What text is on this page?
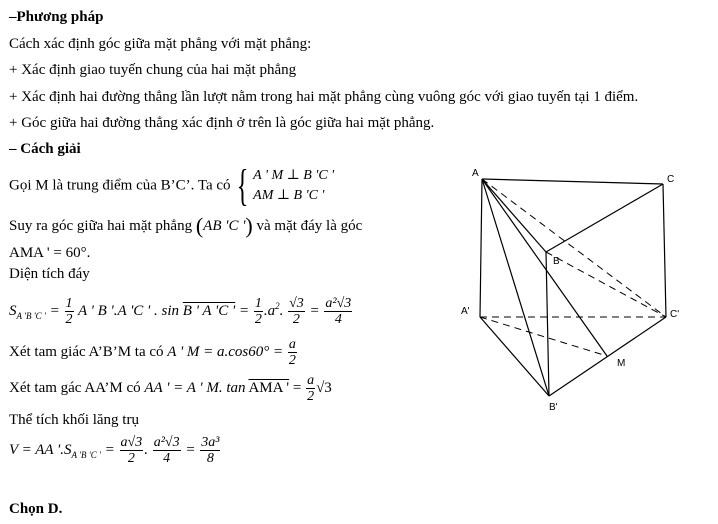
–Phương pháp
Cách xác định góc giữa mặt phẳng với mặt phẳng:
+ Xác định giao tuyến chung của hai mặt phẳng
+ Xác định hai đường thẳng lần lượt nằm trong hai mặt phẳng cùng vuông góc với giao tuyến tại 1 điểm.
+ Góc giữa hai đường thẳng xác định ở trên là góc giữa hai mặt phẳng.
– Cách giải
Gọi M là trung điểm của B’C’. Ta có { A ' M ⊥ B 'C '
AM ⊥ B 'C '
Suy ra góc giữa hai mặt phẳng (AB 'C ') và mặt đáy là góc
AMA ' = 60°.
Diện tích đáy
$S_{A 'B 'C '} = \frac{1}{2}$ A ' B '.A 'C ' . sin B ' A 'C ' = $\frac{1}{2} .a^2$. $\frac{√3}{2} = \frac{\text{a²√3}}{4}$
Xét tam giác A’B’M ta có A ' $M = a.\cos 60^\circ = \frac{a}{2}$
Xét tam gác AA’M có AA ' = A ' M. tan AMA ' = $\frac{a}{2} √3$
Thể tích khối lăng trụ
V = AA '$.S_{A 'B 'C '} = \frac{a√3}{2}$ . $\frac{\text{a²√3}}{4} = \frac{\text{3a³}}{8}$
Chọn D.
A
B
C
A'
B'
C'
M
